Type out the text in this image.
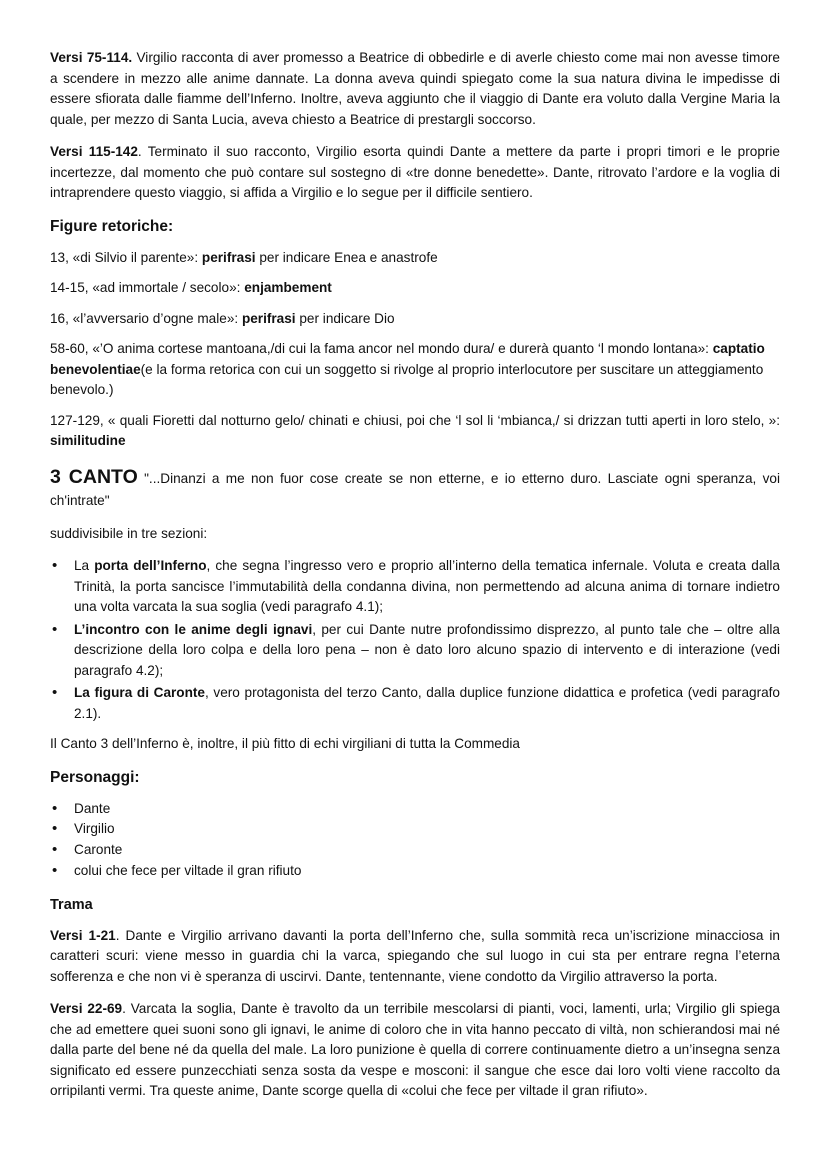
Versi 75-114. Virgilio racconta di aver promesso a Beatrice di obbedirle e di averle chiesto come mai non avesse timore a scendere in mezzo alle anime dannate. La donna aveva quindi spiegato come la sua natura divina le impedisse di essere sfiorata dalle fiamme dell’Inferno. Inoltre, aveva aggiunto che il viaggio di Dante era voluto dalla Vergine Maria la quale, per mezzo di Santa Lucia, aveva chiesto a Beatrice di prestargli soccorso.

Versi 115-142. Terminato il suo racconto, Virgilio esorta quindi Dante a mettere da parte i propri timori e le proprie incertezze, dal momento che può contare sul sostegno di «tre donne benedette». Dante, ritrovato l’ardore e la voglia di intraprendere questo viaggio, si affida a Virgilio e lo segue per il difficile sentiero.

Figure retoriche:

13, «di Silvio il parente»: perifrasi per indicare Enea e anastrofe

14-15, «ad immortale / secolo»: enjambement

16, «l’avversario d’ogne male»: perifrasi per indicare Dio

58-60, «’O anima cortese mantoana,/di cui la fama ancor nel mondo dura/ e durerà quanto ‘l mondo lontana»: captatio benevolentiae(e la forma retorica con cui un soggetto si rivolge al proprio interlocutore per suscitare un atteggiamento benevolo.)

127-129, « quali Fioretti dal notturno gelo/ chinati e chiusi, poi che ‘l sol li ‘mbianca,/ si drizzan tutti aperti in loro stelo, »: similitudine

3 CANTO "...Dinanzi a me non fuor cose create se non etterne, e io etterno duro. Lasciate ogni speranza, voi ch'intrate"

suddivisibile in tre sezioni:

• La porta dell’Inferno, che segna l’ingresso vero e proprio all’interno della tematica infernale. Voluta e creata dalla Trinità, la porta sancisce l’immutabilità della condanna divina, non permettendo ad alcuna anima di tornare indietro una volta varcata la sua soglia (vedi paragrafo 4.1);
• L’incontro con le anime degli ignavi, per cui Dante nutre profondissimo disprezzo, al punto tale che – oltre alla descrizione della loro colpa e della loro pena – non è dato loro alcuno spazio di intervento e di interazione (vedi paragrafo 4.2);
• La figura di Caronte, vero protagonista del terzo Canto, dalla duplice funzione didattica e profetica (vedi paragrafo 2.1).

Il Canto 3 dell’Inferno è, inoltre, il più fitto di echi virgiliani di tutta la Commedia

Personaggi:
• Dante
• Virgilio
• Caronte
• colui che fece per viltade il gran rifiuto
Trama

Versi 1-21. Dante e Virgilio arrivano davanti la porta dell’Inferno che, sulla sommità reca un’iscrizione minacciosa in caratteri scuri: viene messo in guardia chi la varca, spiegando che sul luogo in cui sta per entrare regna l’eterna sofferenza e che non vi è speranza di uscirvi. Dante, tentennante, viene condotto da Virgilio attraverso la porta.

Versi 22-69. Varcata la soglia, Dante è travolto da un terribile mescolarsi di pianti, voci, lamenti, urla; Virgilio gli spiega che ad emettere quei suoni sono gli ignavi, le anime di coloro che in vita hanno peccato di viltà, non schierandosi mai né dalla parte del bene né da quella del male. La loro punizione è quella di correre continuamente dietro a un’insegna senza significato ed essere punzecchiati senza sosta da vespe e mosconi: il sangue che esce dai loro volti viene raccolto da orripilanti vermi. Tra queste anime, Dante scorge quella di «colui che fece per viltade il gran rifiuto».
